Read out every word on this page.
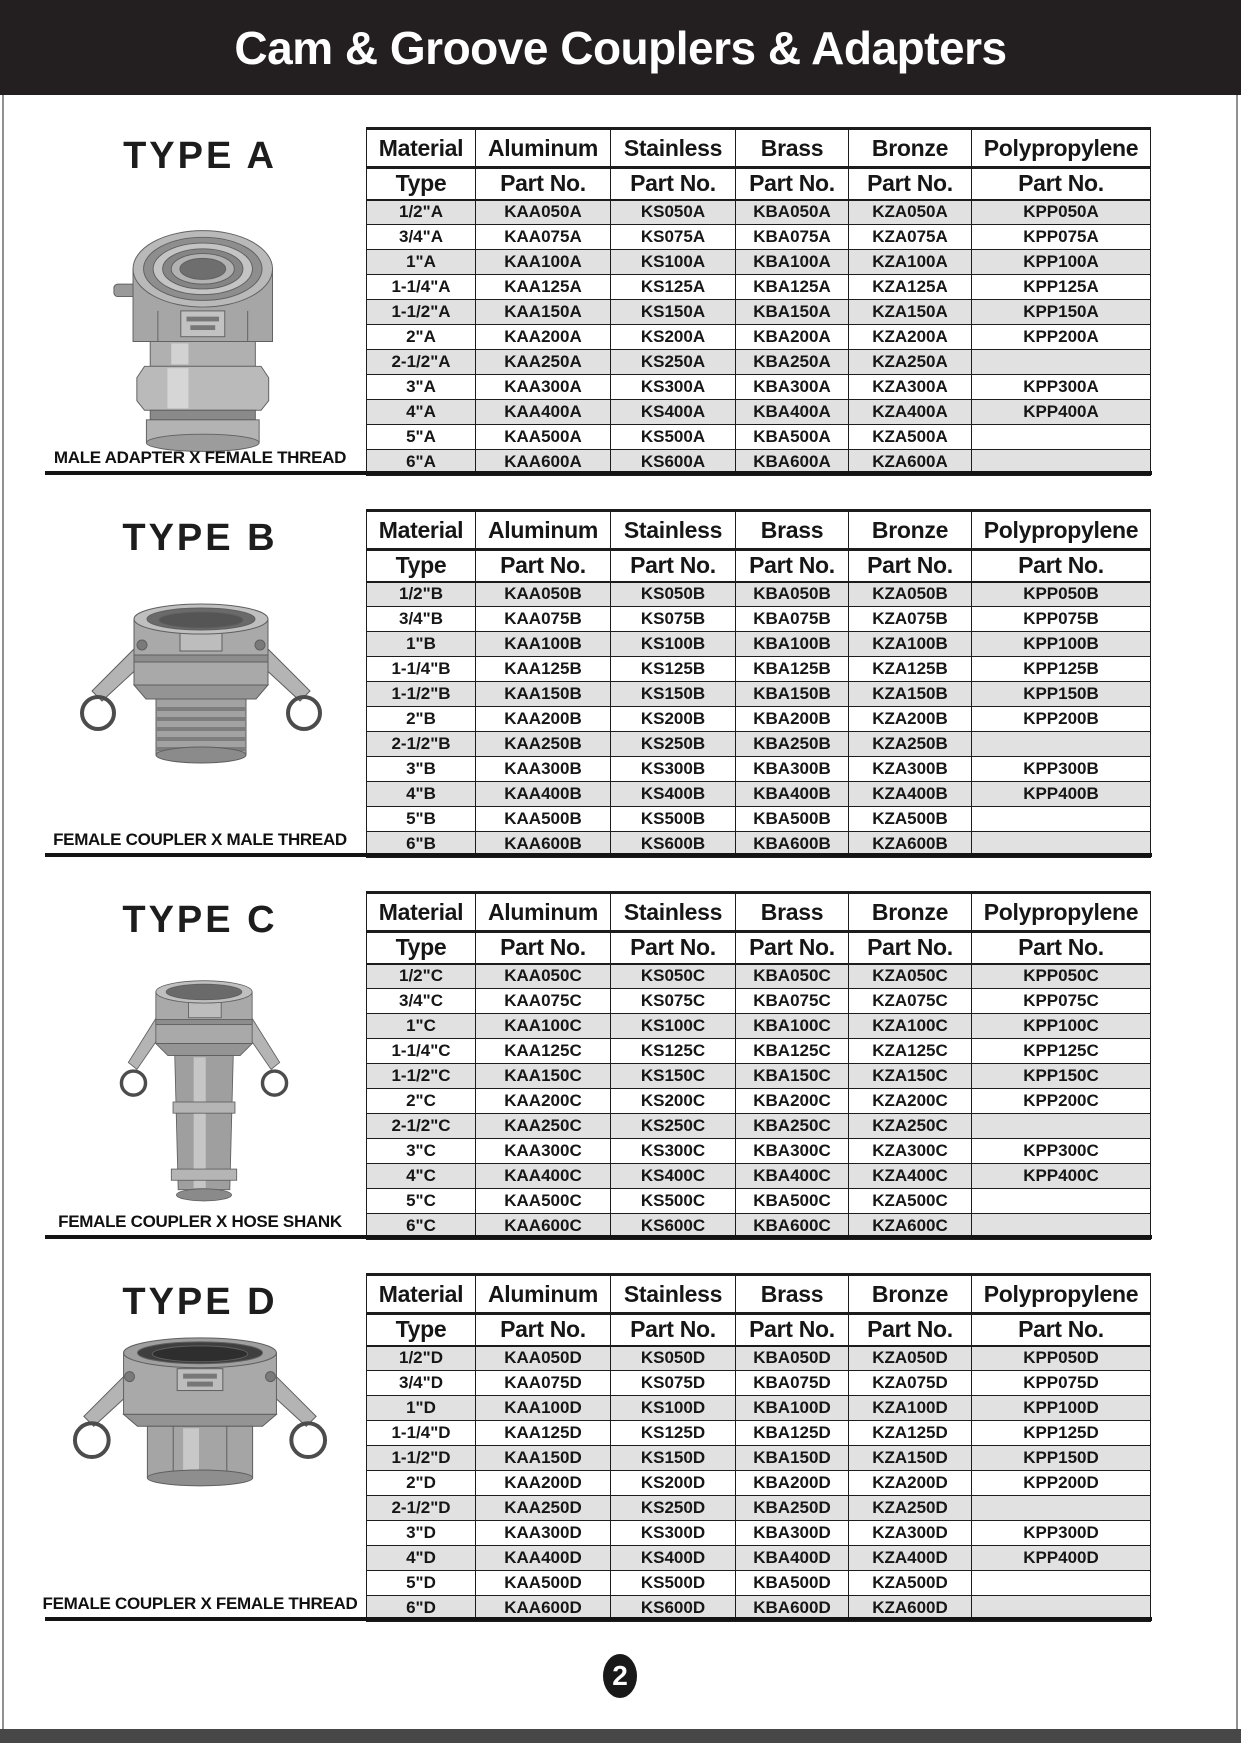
Cam & Groove Couplers & Adapters
TYPE A
MALE ADAPTER X FEMALE THREAD
Material	Aluminum	Stainless	Brass	Bronze	Polypropylene
Type	Part No.	Part No.	Part No.	Part No.	Part No.
1/2"A	KAA050A	KS050A	KBA050A	KZA050A	KPP050A
3/4"A	KAA075A	KS075A	KBA075A	KZA075A	KPP075A
1"A	KAA100A	KS100A	KBA100A	KZA100A	KPP100A
1-1/4"A	KAA125A	KS125A	KBA125A	KZA125A	KPP125A
1-1/2"A	KAA150A	KS150A	KBA150A	KZA150A	KPP150A
2"A	KAA200A	KS200A	KBA200A	KZA200A	KPP200A
2-1/2"A	KAA250A	KS250A	KBA250A	KZA250A	
3"A	KAA300A	KS300A	KBA300A	KZA300A	KPP300A
4"A	KAA400A	KS400A	KBA400A	KZA400A	KPP400A
5"A	KAA500A	KS500A	KBA500A	KZA500A	
6"A	KAA600A	KS600A	KBA600A	KZA600A	
TYPE B
FEMALE COUPLER X MALE THREAD
Material	Aluminum	Stainless	Brass	Bronze	Polypropylene
Type	Part No.	Part No.	Part No.	Part No.	Part No.
1/2"B	KAA050B	KS050B	KBA050B	KZA050B	KPP050B
3/4"B	KAA075B	KS075B	KBA075B	KZA075B	KPP075B
1"B	KAA100B	KS100B	KBA100B	KZA100B	KPP100B
1-1/4"B	KAA125B	KS125B	KBA125B	KZA125B	KPP125B
1-1/2"B	KAA150B	KS150B	KBA150B	KZA150B	KPP150B
2"B	KAA200B	KS200B	KBA200B	KZA200B	KPP200B
2-1/2"B	KAA250B	KS250B	KBA250B	KZA250B	
3"B	KAA300B	KS300B	KBA300B	KZA300B	KPP300B
4"B	KAA400B	KS400B	KBA400B	KZA400B	KPP400B
5"B	KAA500B	KS500B	KBA500B	KZA500B	
6"B	KAA600B	KS600B	KBA600B	KZA600B	
TYPE C
FEMALE COUPLER X HOSE SHANK
Material	Aluminum	Stainless	Brass	Bronze	Polypropylene
Type	Part No.	Part No.	Part No.	Part No.	Part No.
1/2"C	KAA050C	KS050C	KBA050C	KZA050C	KPP050C
3/4"C	KAA075C	KS075C	KBA075C	KZA075C	KPP075C
1"C	KAA100C	KS100C	KBA100C	KZA100C	KPP100C
1-1/4"C	KAA125C	KS125C	KBA125C	KZA125C	KPP125C
1-1/2"C	KAA150C	KS150C	KBA150C	KZA150C	KPP150C
2"C	KAA200C	KS200C	KBA200C	KZA200C	KPP200C
2-1/2"C	KAA250C	KS250C	KBA250C	KZA250C	
3"C	KAA300C	KS300C	KBA300C	KZA300C	KPP300C
4"C	KAA400C	KS400C	KBA400C	KZA400C	KPP400C
5"C	KAA500C	KS500C	KBA500C	KZA500C	
6"C	KAA600C	KS600C	KBA600C	KZA600C	
TYPE D
FEMALE COUPLER X FEMALE THREAD
Material	Aluminum	Stainless	Brass	Bronze	Polypropylene
Type	Part No.	Part No.	Part No.	Part No.	Part No.
1/2"D	KAA050D	KS050D	KBA050D	KZA050D	KPP050D
3/4"D	KAA075D	KS075D	KBA075D	KZA075D	KPP075D
1"D	KAA100D	KS100D	KBA100D	KZA100D	KPP100D
1-1/4"D	KAA125D	KS125D	KBA125D	KZA125D	KPP125D
1-1/2"D	KAA150D	KS150D	KBA150D	KZA150D	KPP150D
2"D	KAA200D	KS200D	KBA200D	KZA200D	KPP200D
2-1/2"D	KAA250D	KS250D	KBA250D	KZA250D	
3"D	KAA300D	KS300D	KBA300D	KZA300D	KPP300D
4"D	KAA400D	KS400D	KBA400D	KZA400D	KPP400D
5"D	KAA500D	KS500D	KBA500D	KZA500D	
6"D	KAA600D	KS600D	KBA600D	KZA600D	
2
